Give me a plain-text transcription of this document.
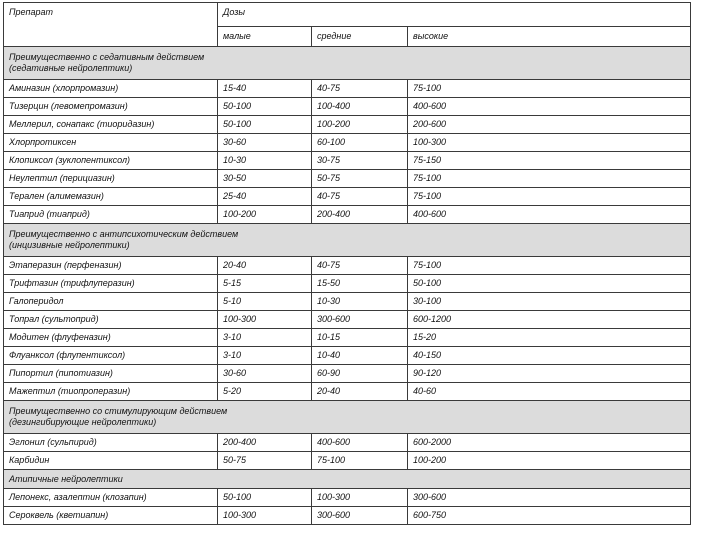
Препарат	Дозы		
	малые	средние	высокие

Преимущественно с седативным действием
(седативные нейролептики)			

Аминазин (хлорпромазин)	15-40	40-75	75-100
Тизерцин (левомепромазин)	50-100	100-400	400-600
Меллерил, сонапакс (тиоридазин)	50-100	100-200	200-600
Хлорпротиксен	30-60	60-100	100-300
Клопиксол (зуклопентиксол)	10-30	30-75	75-150
Неулептил (перициазин)	30-50	50-75	75-100
Терален (алимемазин)	25-40	40-75	75-100
Тиаприд (тиаприд)	100-200	200-400	400-600

Преимущественно с антипсихотическим действием
(инцизивные нейролептики)			

Этаперазин (перфеназин)	20-40	40-75	75-100
Трифтазин (трифлуперазин)	5-15	15-50	50-100
Галоперидол	5-10	10-30	30-100
Топрал (сультоприд)	100-300	300-600	600-1200
Модитен (флуфеназин)	3-10	10-15	15-20
Флуанксол (флупентиксол)	3-10	10-40	40-150
Пипортил (пипотиазин)	30-60	60-90	90-120
Мажептил (тиопроперазин)	5-20	20-40	40-60

Преимущественно со стимулирующим действием
(дезингибирующие нейролептики)			

Эглонил (сульпирид)	200-400	400-600	600-2000
Карбидин	50-75	75-100	100-200

Атипичные нейролептики			

Лепонекс, азалептин (клозапин)	50-100	100-300	300-600
Сероквель (кветиапин)	100-300	300-600	600-750
